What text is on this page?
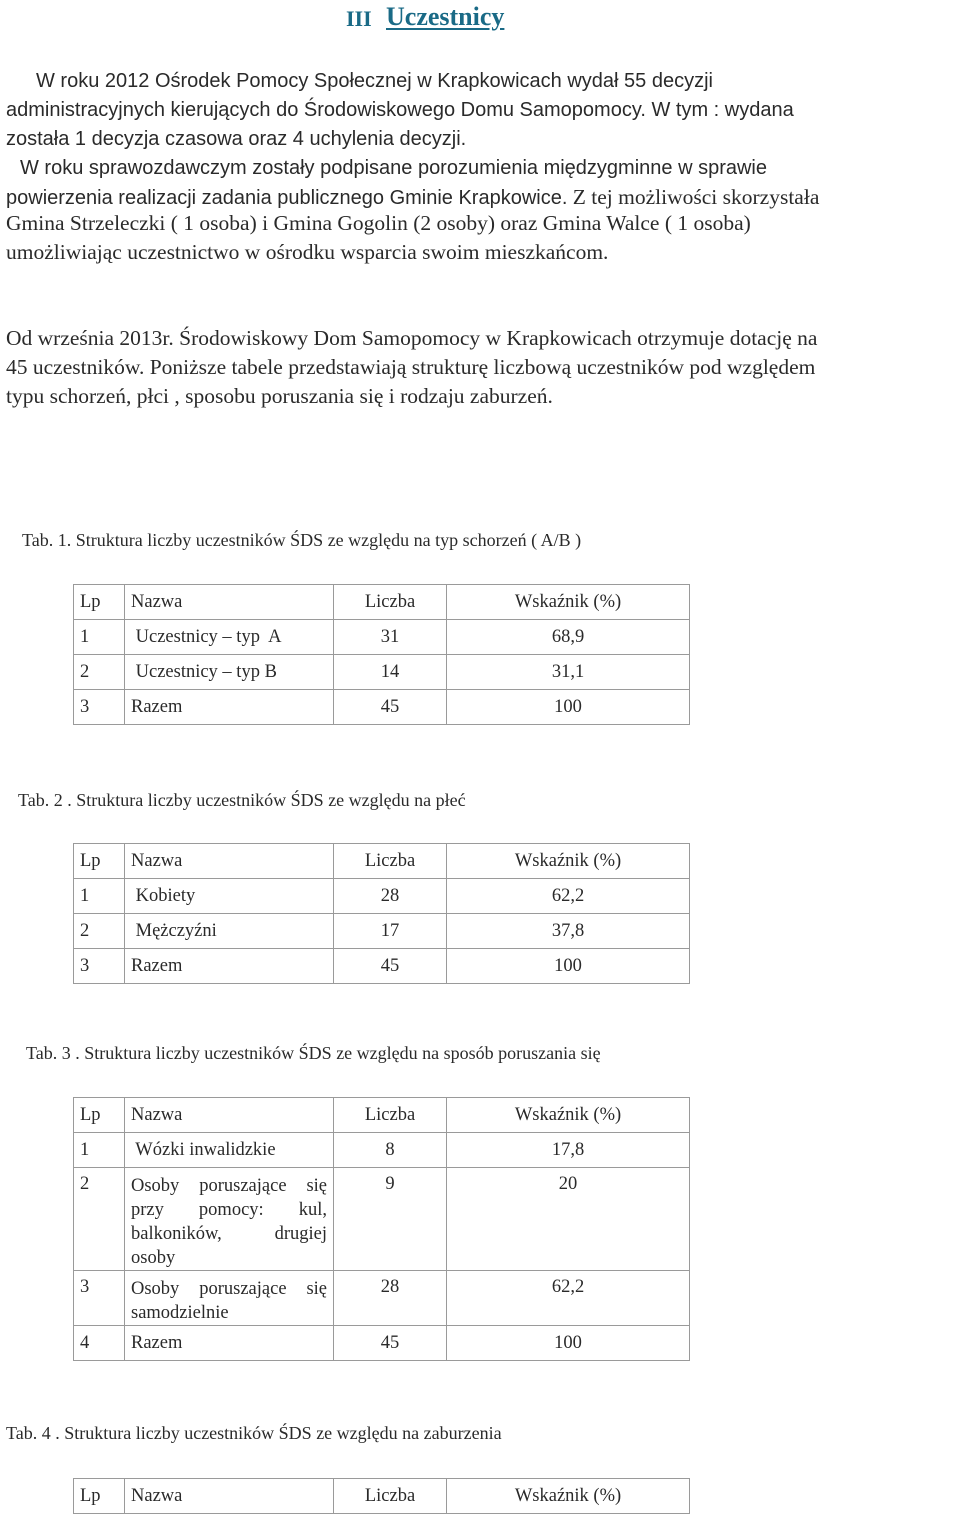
III Uczestnicy

W roku 2012 Ośrodek Pomocy Społecznej w Krapkowicach wydał 55 decyzji
administracyjnych kierujących do Środowiskowego Domu Samopomocy. W tym : wydana
została 1 decyzja czasowa oraz 4 uchylenia decyzji.
W roku sprawozdawczym zostały podpisane porozumienia międzygminne w sprawie
powierzenia realizacji zadania publicznego Gminie Krapkowice. Z tej możliwości skorzystała

Gmina Strzeleczki ( 1 osoba) i Gmina Gogolin (2 osoby) oraz Gmina Walce ( 1 osoba)
umożliwiając uczestnictwo w ośrodku wsparcia swoim mieszkańcom.

Od września 2013r. Środowiskowy Dom Samopomocy w Krapkowicach otrzymuje dotację na
45 uczestników. Poniższe tabele przedstawiają strukturę liczbową uczestników pod względem
typu schorzeń, płci , sposobu poruszania się i rodzaju zaburzeń.

Tab. 1. Struktura liczby uczestników ŚDS ze względu na typ schorzeń ( A/B )
Lp	Nazwa	Liczba	Wskaźnik (%)
1	Uczestnicy – typ  A	31	68,9
2	Uczestnicy – typ B	14	31,1
3	Razem	45	100
Tab. 2 . Struktura liczby uczestników ŚDS ze względu na płeć
Lp	Nazwa	Liczba	Wskaźnik (%)
1	Kobiety	28	62,2
2	Mężczyźni	17	37,8
3	Razem	45	100
Tab. 3 . Struktura liczby uczestników ŚDS ze względu na sposób poruszania się
Lp	Nazwa	Liczba	Wskaźnik (%)
1	Wózki inwalidzkie	8	17,8
2	Osoby poruszające się
przy pomocy: kul,
balkoników, drugiej
osoby	9	20
3	Osoby poruszające się
samodzielnie	28	62,2
4	Razem	45	100
Tab. 4 . Struktura liczby uczestników ŚDS ze względu na zaburzenia
Lp	Nazwa	Liczba	Wskaźnik (%)
